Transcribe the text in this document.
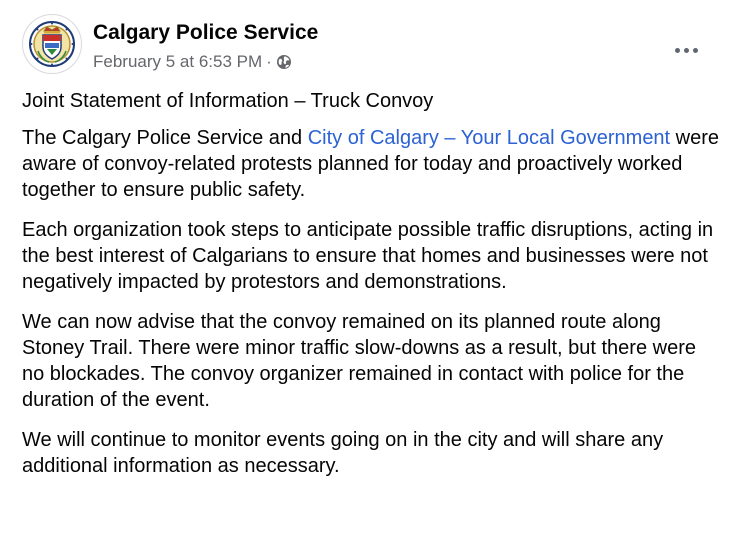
Calgary Police Service
February 5 at 6:53 PM ·

Joint Statement of Information – Truck Convoy

The Calgary Police Service and City of Calgary – Your Local Government were aware of convoy-related protests planned for today and proactively worked together to ensure public safety.

Each organization took steps to anticipate possible traffic disruptions, acting in the best interest of Calgarians to ensure that homes and businesses were not negatively impacted by protestors and demonstrations.

We can now advise that the convoy remained on its planned route along Stoney Trail. There were minor traffic slow-downs as a result, but there were no blockades. The convoy organizer remained in contact with police for the duration of the event.

We will continue to monitor events going on in the city and will share any additional information as necessary.
